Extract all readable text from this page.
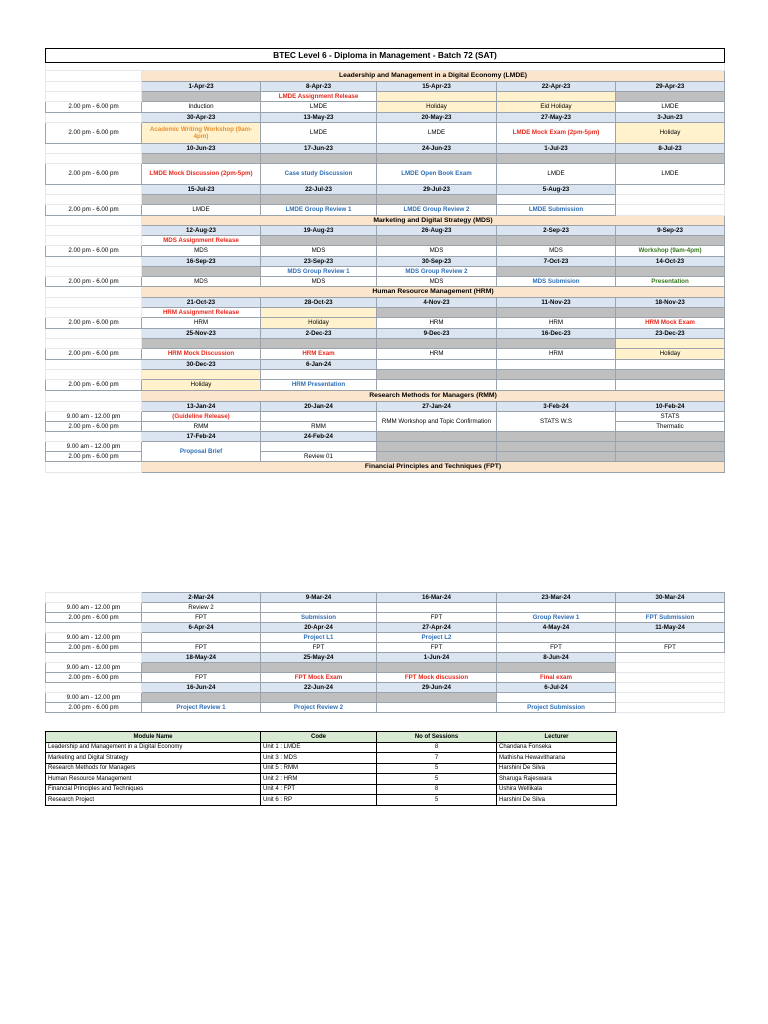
BTEC Level 6 - Diploma in Management - Batch 72 (SAT)					

	Leadership and Management in a Digital Economy (LMDE)				
	1-Apr-23	8-Apr-23	15-Apr-23	22-Apr-23	29-Apr-23
		LMDE Assignment Release			
2.00 pm - 6.00 pm	Induction	LMDE	Holiday	Eid Holiday	LMDE
	30-Apr-23	13-May-23	20-May-23	27-May-23	3-Jun-23
2.00 pm - 6.00 pm	Academic Writing Workshop (9am-4pm)	LMDE	LMDE	LMDE Mock Exam (2pm-5pm)	Holiday
	10-Jun-23	17-Jun-23	24-Jun-23	1-Jul-23	8-Jul-23

2.00 pm - 6.00 pm	LMDE Mock Discussion (2pm-5pm)	Case study Discussion	LMDE Open Book Exam	LMDE	LMDE
	15-Jul-23	22-Jul-23	29-Jul-23	5-Aug-23	

2.00 pm - 6.00 pm	LMDE	LMDE Group Review 1	LMDE Group Review 2	LMDE Submission	
	Marketing and Digital Strategy (MDS)				
	12-Aug-23	19-Aug-23	26-Aug-23	2-Sep-23	9-Sep-23
	MDS Assignment Release				
2.00 pm - 6.00 pm	MDS	MDS	MDS	MDS	Workshop (9am-4pm)
	16-Sep-23	23-Sep-23	30-Sep-23	7-Oct-23	14-Oct-23
		MDS Group Review 1	MDS Group Review 2		
2.00 pm - 6.00 pm	MDS	MDS	MDS	MDS Submision	Presentation
	Human Resource Management (HRM)				
	21-Oct-23	28-Oct-23	4-Nov-23	11-Nov-23	18-Nov-23
	HRM Assignment Release				
2.00 pm - 6.00 pm	HRM	Holiday	HRM	HRM	HRM Mock Exam
	25-Nov-23	2-Dec-23	9-Dec-23	16-Dec-23	23-Dec-23

2.00 pm - 6.00 pm	HRM Mock Discussion	HRM Exam	HRM	HRM	Holiday
	30-Dec-23	6-Jan-24			

2.00 pm - 6.00 pm	Holiday	HRM Presentation			
	Research Methods for Managers (RMM)				
	13-Jan-24	20-Jan-24	27-Jan-24	3-Feb-24	10-Feb-24
9.00 am - 12.00 pm	(Guideline Release)		RMM Workshop and Topic Confirmation	STATS W.S	STATS
2.00 pm - 6.00 pm	RMM	RMM			Thermatic
	17-Feb-24	24-Feb-24			
9.00 am - 12.00 pm	Proposal Brief				
2.00 pm - 6.00 pm		Review 01			
	Financial Principles and Techniques (FPT)				
	2-Mar-24	9-Mar-24	16-Mar-24	23-Mar-24	30-Mar-24
9.00 am - 12.00 pm	Review 2				
2.00 pm - 6.00 pm	FPT	Submission	FPT	Group Review 1	FPT Submission
	6-Apr-24	20-Apr-24	27-Apr-24	4-May-24	11-May-24
9.00 am - 12.00 pm		Project L1	Project L2		
2.00 pm - 6.00 pm	FPT	FPT	FPT	FPT	FPT
	18-May-24	25-May-24	1-Jun-24	8-Jun-24	
9.00 am - 12.00 pm					
2.00 pm - 6.00 pm	FPT	FPT Mock Exam	FPT Mock discussion	Final exam	
	16-Jun-24	22-Jun-24	29-Jun-24	6-Jul-24	
9.00 am - 12.00 pm					
2.00 pm - 6.00 pm	Project Review 1	Project Review 2		Project Submission	
Module Name	Code	No of Sessions	Lecturer
Leadership and Management in a Digital Economy	Unit 1 : LMDE	8	Chandana Fonseka
Marketing and Digital Strategy	Unit 3 : MDS	7	Mathisha Hewavitharana
Research Methods for Managers	Unit 5 : RMM	5	Harshini De Silva
Human Resource Management	Unit 2 : HRM	5	Sharuga Rajeswara
Financial Principles and Techniques	Unit 4 : FPT	8	Ushira Wellikala
Research Project	Unit 6 : RP	5	Harshini De Silva
